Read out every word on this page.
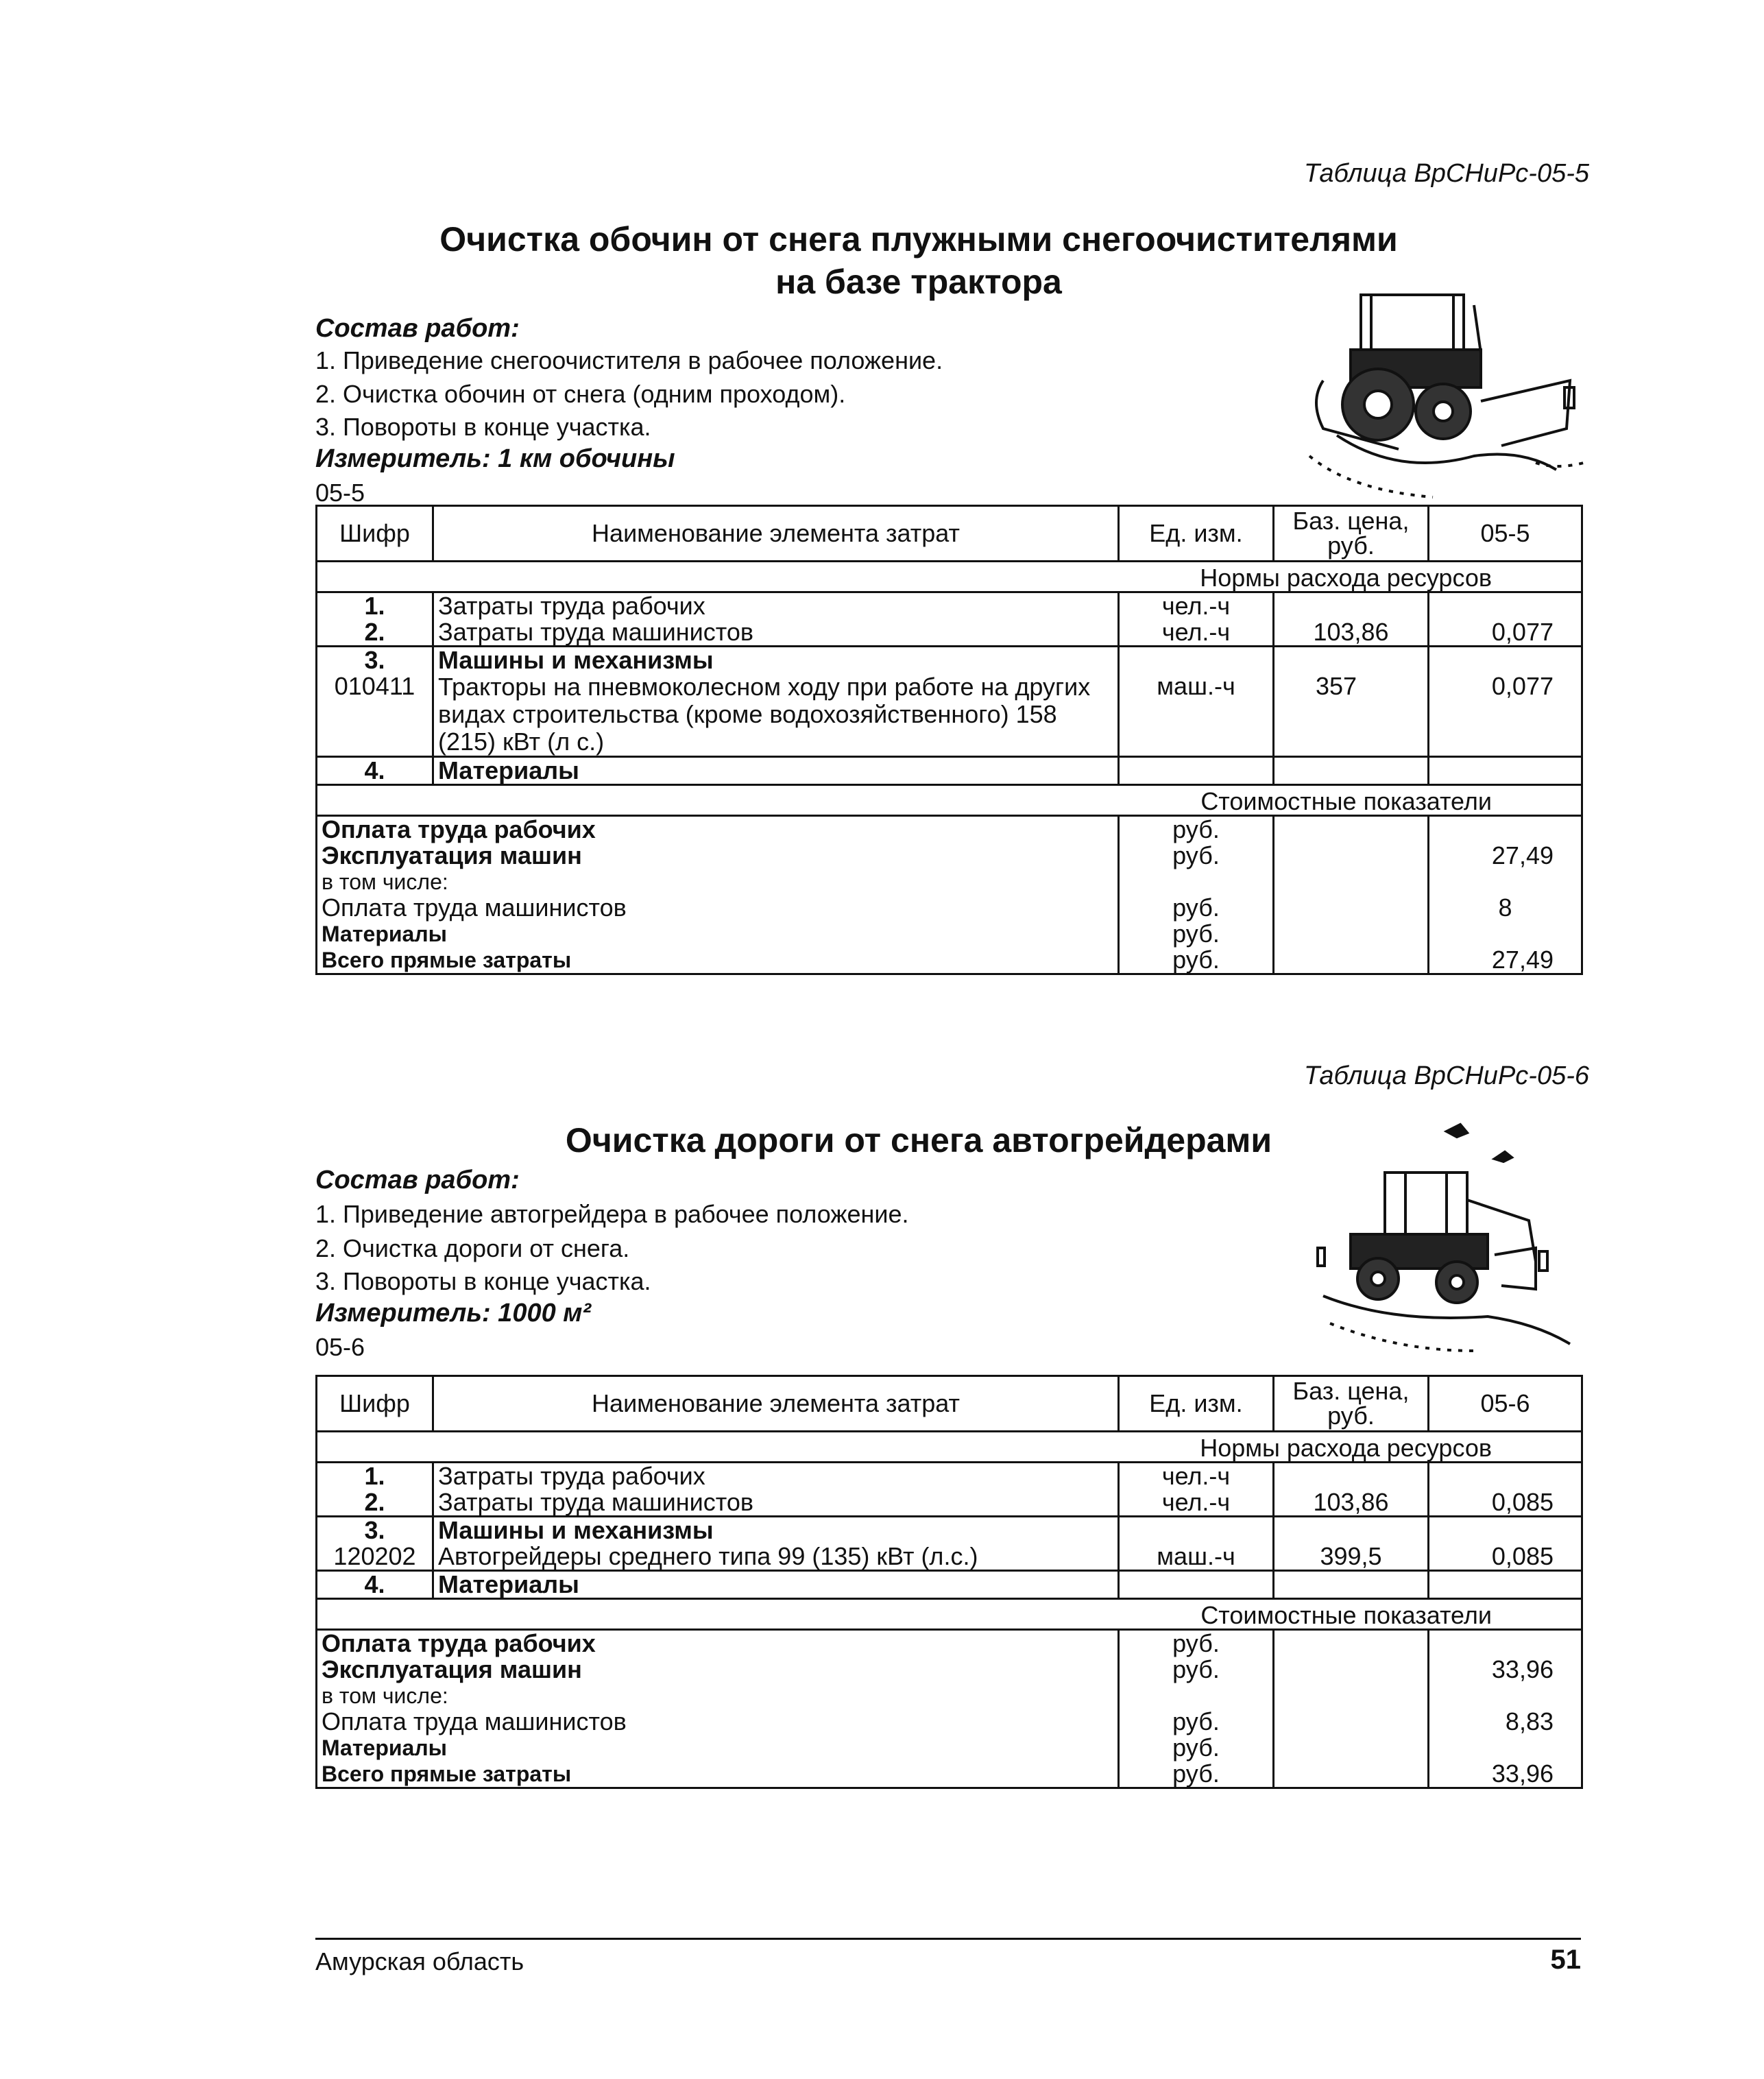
Таблица ВрСНиРс-05-5
Очистка обочин от снега плужными снегоочистителями
на базе трактора
Состав работ:
1. Приведение снегоочистителя в рабочее положение.
2. Очистка обочин от снега (одним проходом).
3. Повороты в конце участка.
Измеритель: 1 км обочины
05-5
Шифр	Наименование элемента затрат	Ед. изм.	Баз. цена, руб.	05-5
Нормы расхода ресурсов				
1.	Затраты труда рабочих	чел.-ч		
2.	Затраты труда машинистов	чел.-ч	103,86	0,077
3.	Машины и механизмы			
010411	Тракторы на пневмоколесном ходу при работе на других видах строительства (кроме водохозяйственного) 158 (215) кВт (л с.)	маш.-ч	357	0,077
4.	Материалы			
Стоимостные показатели				
Оплата труда рабочих		руб.		
Эксплуатация машин		руб.		27,49
в том числе:				
Оплата труда машинистов		руб.		8
Материалы		руб.		
Всего прямые затраты		руб.		27,49
Таблица ВрСНиРс-05-6
Очистка дороги от снега автогрейдерами
Состав работ:
1. Приведение автогрейдера в рабочее положение.
2. Очистка дороги от снега.
3. Повороты в конце участка.
Измеритель: 1000 м²
05-6
Шифр	Наименование элемента затрат	Ед. изм.	Баз. цена, руб.	05-6
Нормы расхода ресурсов				
1.	Затраты труда рабочих	чел.-ч		
2.	Затраты труда машинистов	чел.-ч	103,86	0,085
3.	Машины и механизмы			
120202	Автогрейдеры среднего типа 99 (135) кВт (л.с.)	маш.-ч	399,5	0,085
4.	Материалы			
Стоимостные показатели				
Оплата труда рабочих		руб.		
Эксплуатация машин		руб.		33,96
в том числе:				
Оплата труда машинистов		руб.		8,83
Материалы		руб.		
Всего прямые затраты		руб.		33,96
Амурская область	51
